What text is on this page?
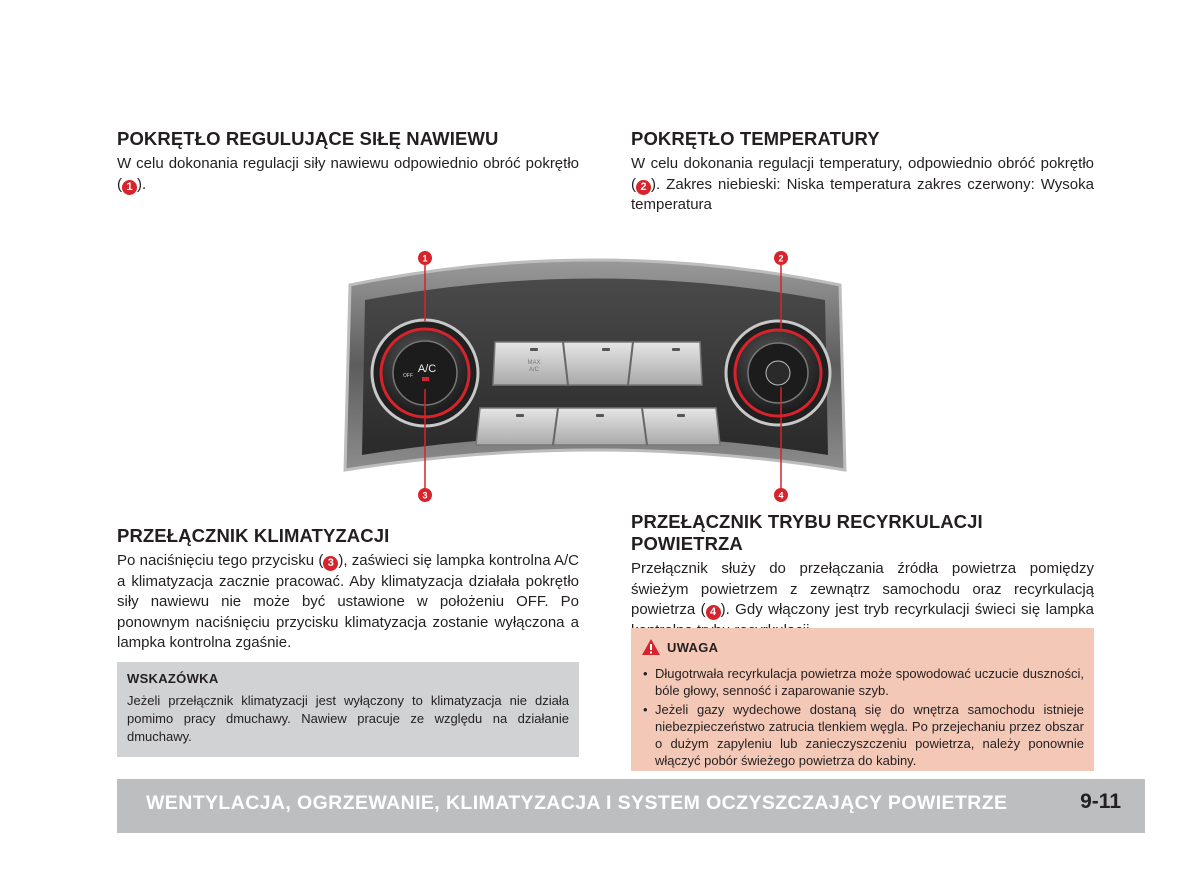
POKRĘTŁO REGULUJĄCE SIŁĘ NAWIEWU

W celu dokonania regulacji siły nawiewu odpowiednio obróć pokrętło ( 1 ).

POKRĘTŁO TEMPERATURY

W celu dokonania regulacji temperatury, odpowiednio obróć pokrętło ( 2 ). Zakres niebieski: Niska temperatura zakres czerwony: Wysoka temperatura

MAX
A/C
A/C
OFF
1	2
3	4
PRZEŁĄCZNIK KLIMATYZACJI

Po naciśnięciu tego przycisku ( 3 ), zaświeci się lampka kontrolna A/C a klimatyzacja zacznie pracować. Aby klimatyzacja działała pokrętło siły nawiewu nie może być ustawione w położeniu OFF. Po ponownym naciśnięciu przycisku klimatyzacja zostanie wyłączona a lampka kontrolna zgaśnie.

WSKAZÓWKA
Jeżeli przełącznik klimatyzacji jest wyłączony to klimatyzacja nie działa pomimo pracy dmuchawy. Nawiew pracuje ze względu na działanie dmuchawy.
PRZEŁĄCZNIK TRYBU RECYRKULACJI POWIETRZA

Przełącznik służy do przełączania źródła powietrza pomiędzy świeżym powietrzem z zewnątrz samochodu oraz recyrkulacją powietrza ( 4 ). Gdy włączony jest tryb recyrkulacji świeci się lampka

UWAGA
• Długotrwała recyrkulacja powietrza może spowodować uczucie duszności, bóle głowy, senność i zaparowanie szyb.
• Jeżeli gazy wydechowe dostaną się do wnętrza samochodu istnieje niebezpieczeństwo zatrucia tlenkiem węgla. Po przejechaniu przez obszar o dużym zapyleniu lub zanieczyszczeniu powietrza, należy ponownie włączyć pobór świeżego powietrza do kabiny.
WENTYLACJA, OGRZEWANIE, KLIMATYZACJA I SYSTEM OCZYSZCZAJĄCY POWIETRZE	9-11
